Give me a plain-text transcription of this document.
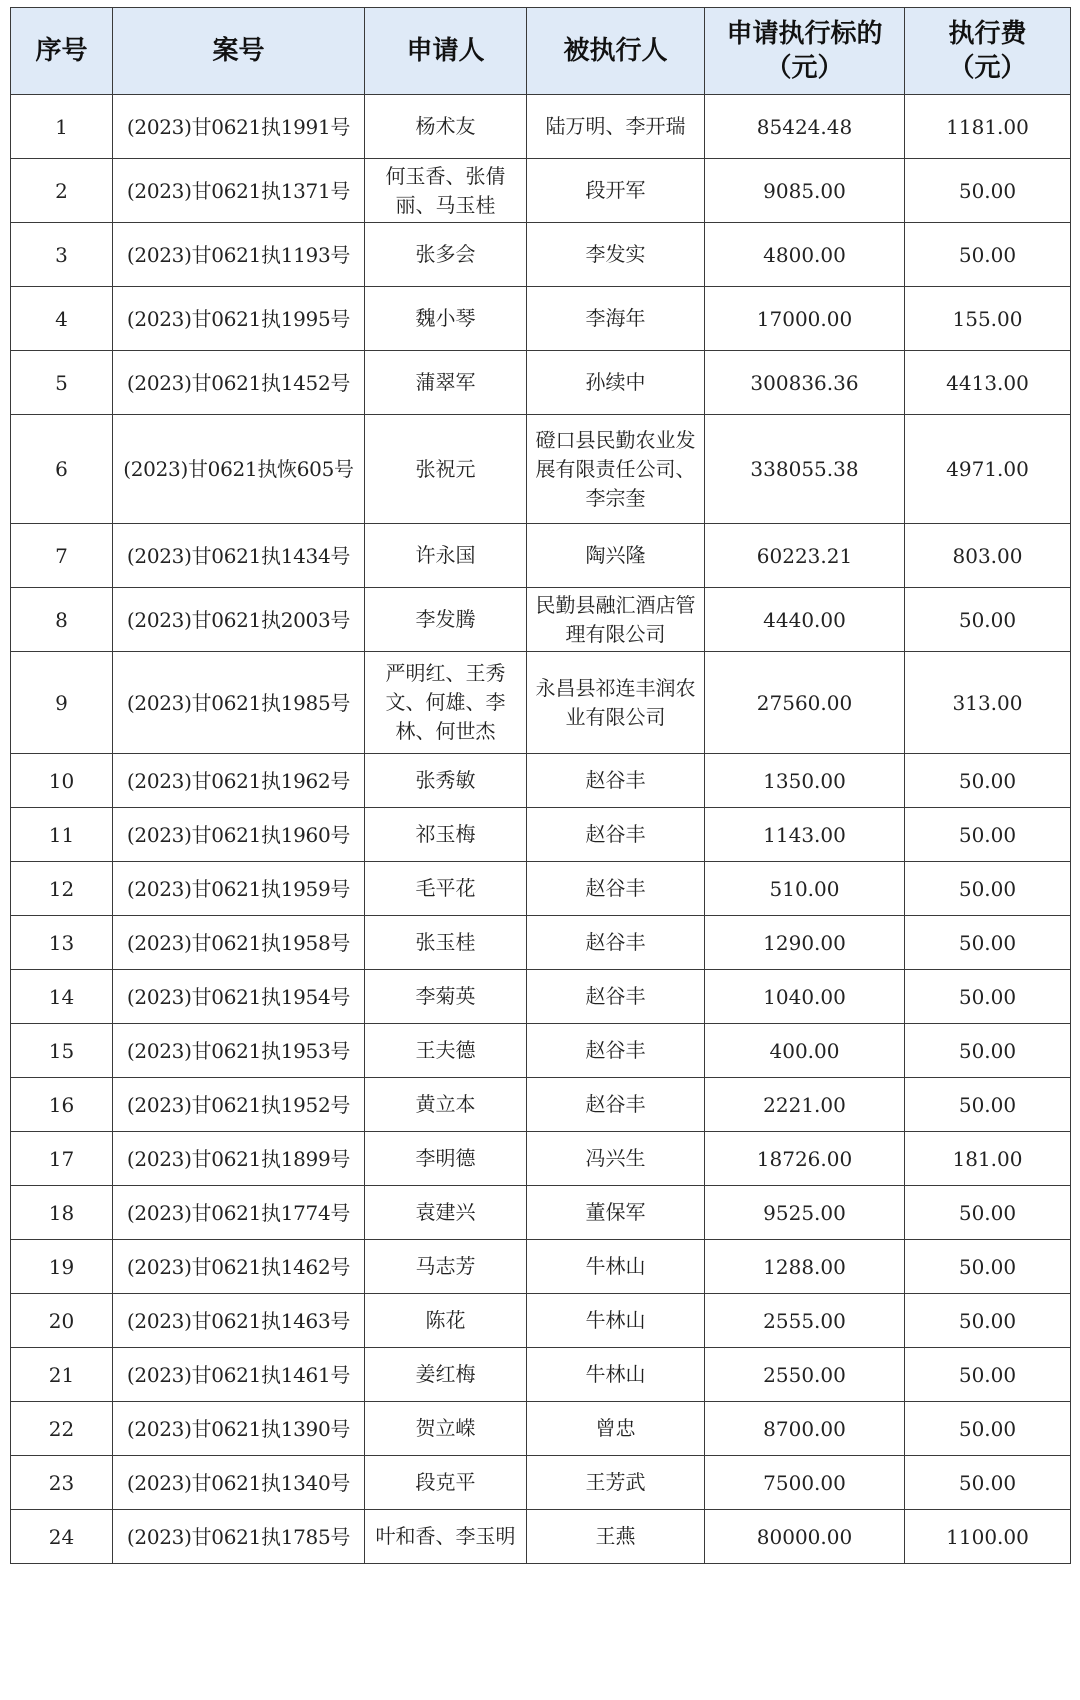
序号	案号	申请人	被执行人	申请执行标的（元）	执行费（元）
1	(2023)甘0621执1991号	杨术友	陆万明、李开瑞	85424.48	1181.00
2	(2023)甘0621执1371号	何玉香、张倩丽、马玉桂	段开军	9085.00	50.00
3	(2023)甘0621执1193号	张多会	李发实	4800.00	50.00
4	(2023)甘0621执1995号	魏小琴	李海年	17000.00	155.00
5	(2023)甘0621执1452号	蒲翠军	孙续中	300836.36	4413.00
6	(2023)甘0621执恢605号	张祝元	磴口县民勤农业发展有限责任公司、李宗奎	338055.38	4971.00
7	(2023)甘0621执1434号	许永国	陶兴隆	60223.21	803.00
8	(2023)甘0621执2003号	李发腾	民勤县融汇酒店管理有限公司	4440.00	50.00
9	(2023)甘0621执1985号	严明红、王秀文、何雄、李林、何世杰	永昌县祁连丰润农业有限公司	27560.00	313.00
10	(2023)甘0621执1962号	张秀敏	赵谷丰	1350.00	50.00
11	(2023)甘0621执1960号	祁玉梅	赵谷丰	1143.00	50.00
12	(2023)甘0621执1959号	毛平花	赵谷丰	510.00	50.00
13	(2023)甘0621执1958号	张玉桂	赵谷丰	1290.00	50.00
14	(2023)甘0621执1954号	李菊英	赵谷丰	1040.00	50.00
15	(2023)甘0621执1953号	王夫德	赵谷丰	400.00	50.00
16	(2023)甘0621执1952号	黄立本	赵谷丰	2221.00	50.00
17	(2023)甘0621执1899号	李明德	冯兴生	18726.00	181.00
18	(2023)甘0621执1774号	袁建兴	董保军	9525.00	50.00
19	(2023)甘0621执1462号	马志芳	牛林山	1288.00	50.00
20	(2023)甘0621执1463号	陈花	牛林山	2555.00	50.00
21	(2023)甘0621执1461号	姜红梅	牛林山	2550.00	50.00
22	(2023)甘0621执1390号	贺立嵘	曾忠	8700.00	50.00
23	(2023)甘0621执1340号	段克平	王芳武	7500.00	50.00
24	(2023)甘0621执1785号	叶和香、李玉明	王燕	80000.00	1100.00
